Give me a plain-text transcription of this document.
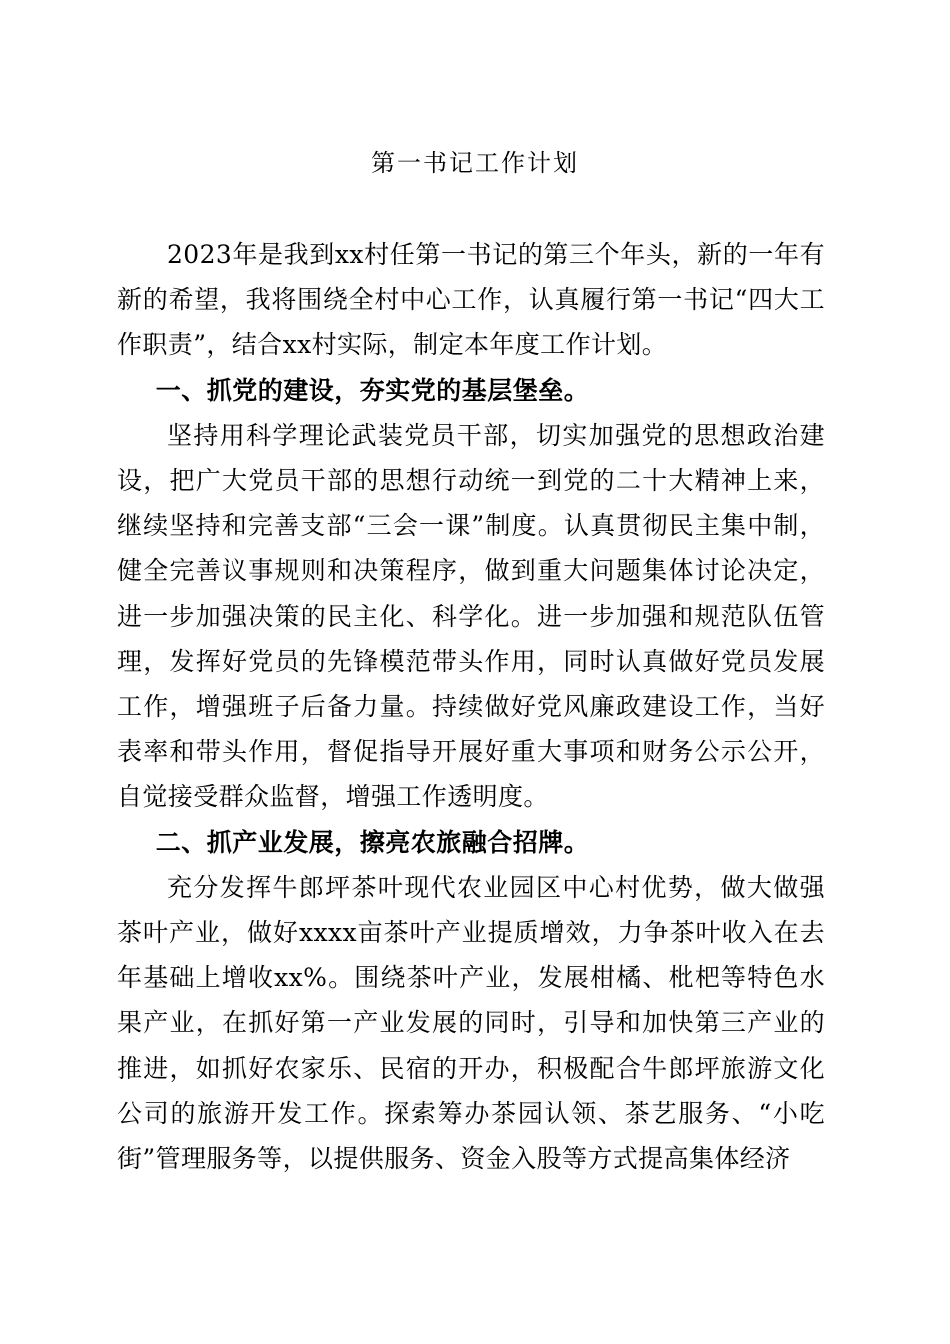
第一书记工作计划

2023年是我到xx村任第一书记的第三个年头，新的一年有新的希望，我将围绕全村中心工作，认真履行第一书记“四大工作职责”，结合xx村实际，制定本年度工作计划。

一、抓党的建设，夯实党的基层堡垒。

坚持用科学理论武装党员干部，切实加强党的思想政治建设，把广大党员干部的思想行动统一到党的二十大精神上来，继续坚持和完善支部“三会一课”制度。认真贯彻民主集中制，健全完善议事规则和决策程序，做到重大问题集体讨论决定，进一步加强决策的民主化、科学化。进一步加强和规范队伍管理，发挥好党员的先锋模范带头作用，同时认真做好党员发展工作，增强班子后备力量。持续做好党风廉政建设工作，当好表率和带头作用，督促指导开展好重大事项和财务公示公开，自觉接受群众监督，增强工作透明度。

二、抓产业发展，擦亮农旅融合招牌。

充分发挥牛郎坪茶叶现代农业园区中心村优势，做大做强茶叶产业，做好xxxx亩茶叶产业提质增效，力争茶叶收入在去年基础上增收xx%。围绕茶叶产业，发展柑橘、枇杷等特色水果产业，在抓好第一产业发展的同时，引导和加快第三产业的推进，如抓好农家乐、民宿的开办，积极配合牛郎坪旅游文化公司的旅游开发工作。探索筹办茶园认领、茶艺服务、“小吃街”管理服务等，以提供服务、资金入股等方式提高集体经济
